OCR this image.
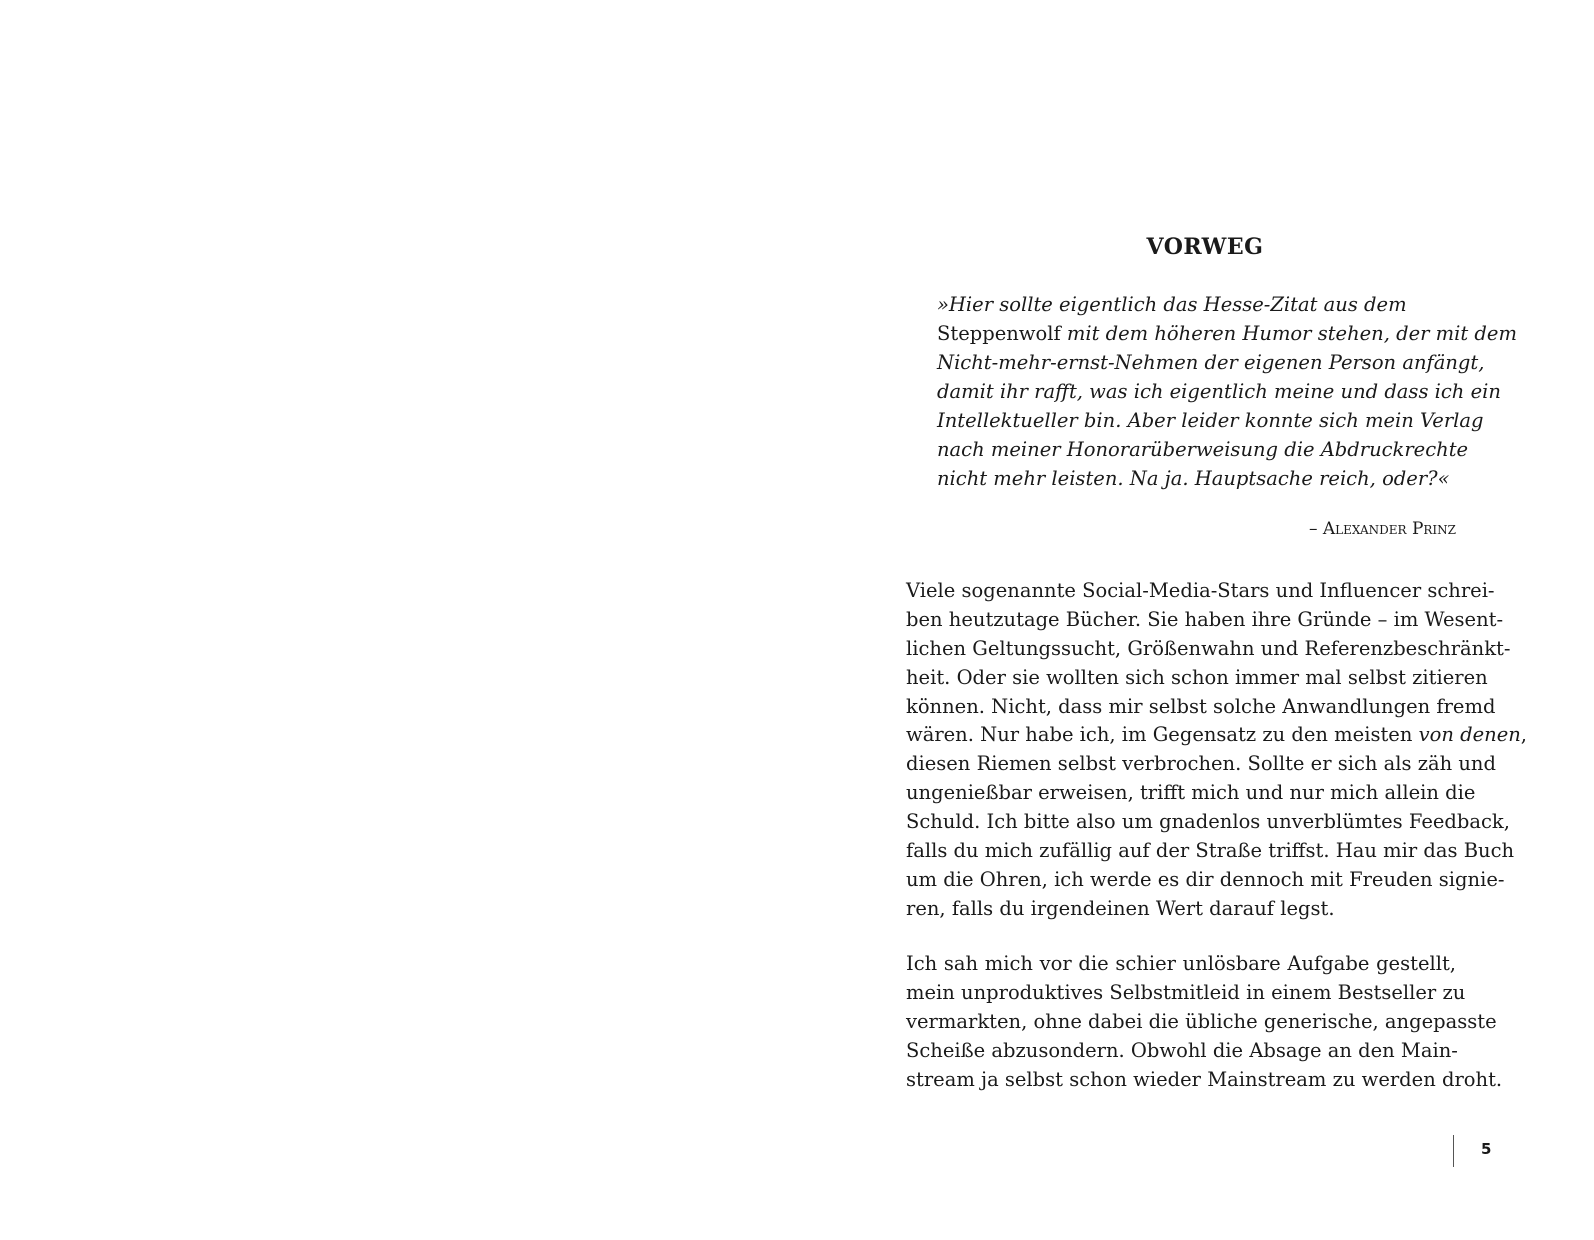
VORWEG
»Hier sollte eigentlich das Hesse-Zitat aus dem
Steppenwolf mit dem höheren Humor stehen, der mit dem
Nicht-mehr-ernst-Nehmen der eigenen Person anfängt,
damit ihr rafft, was ich eigentlich meine und dass ich ein
Intellektueller bin. Aber leider konnte sich mein Verlag
nach meiner Honorarüberweisung die Abdruckrechte
nicht mehr leisten. Na ja. Hauptsache reich, oder?«

– Alexander Prinz

Viele sogenannte Social-Media-Stars und Influencer schrei-
ben heutzutage Bücher. Sie haben ihre Gründe – im Wesent-
lichen Geltungssucht, Größenwahn und Referenzbeschränkt-
heit. Oder sie wollten sich schon immer mal selbst zitieren
können. Nicht, dass mir selbst solche Anwandlungen fremd
wären. Nur habe ich, im Gegensatz zu den meisten von denen,
diesen Riemen selbst verbrochen. Sollte er sich als zäh und
ungenießbar erweisen, trifft mich und nur mich allein die
Schuld. Ich bitte also um gnadenlos unverblümtes Feedback,
falls du mich zufällig auf der Straße triffst. Hau mir das Buch
um die Ohren, ich werde es dir dennoch mit Freuden signie-
ren, falls du irgendeinen Wert darauf legst.
Ich sah mich vor die schier unlösbare Aufgabe gestellt,
mein unproduktives Selbstmitleid in einem Bestseller zu
vermarkten, ohne dabei die übliche generische, angepasste
Scheiße abzusondern. Obwohl die Absage an den Main-
stream ja selbst schon wieder Mainstream zu werden droht.

5
